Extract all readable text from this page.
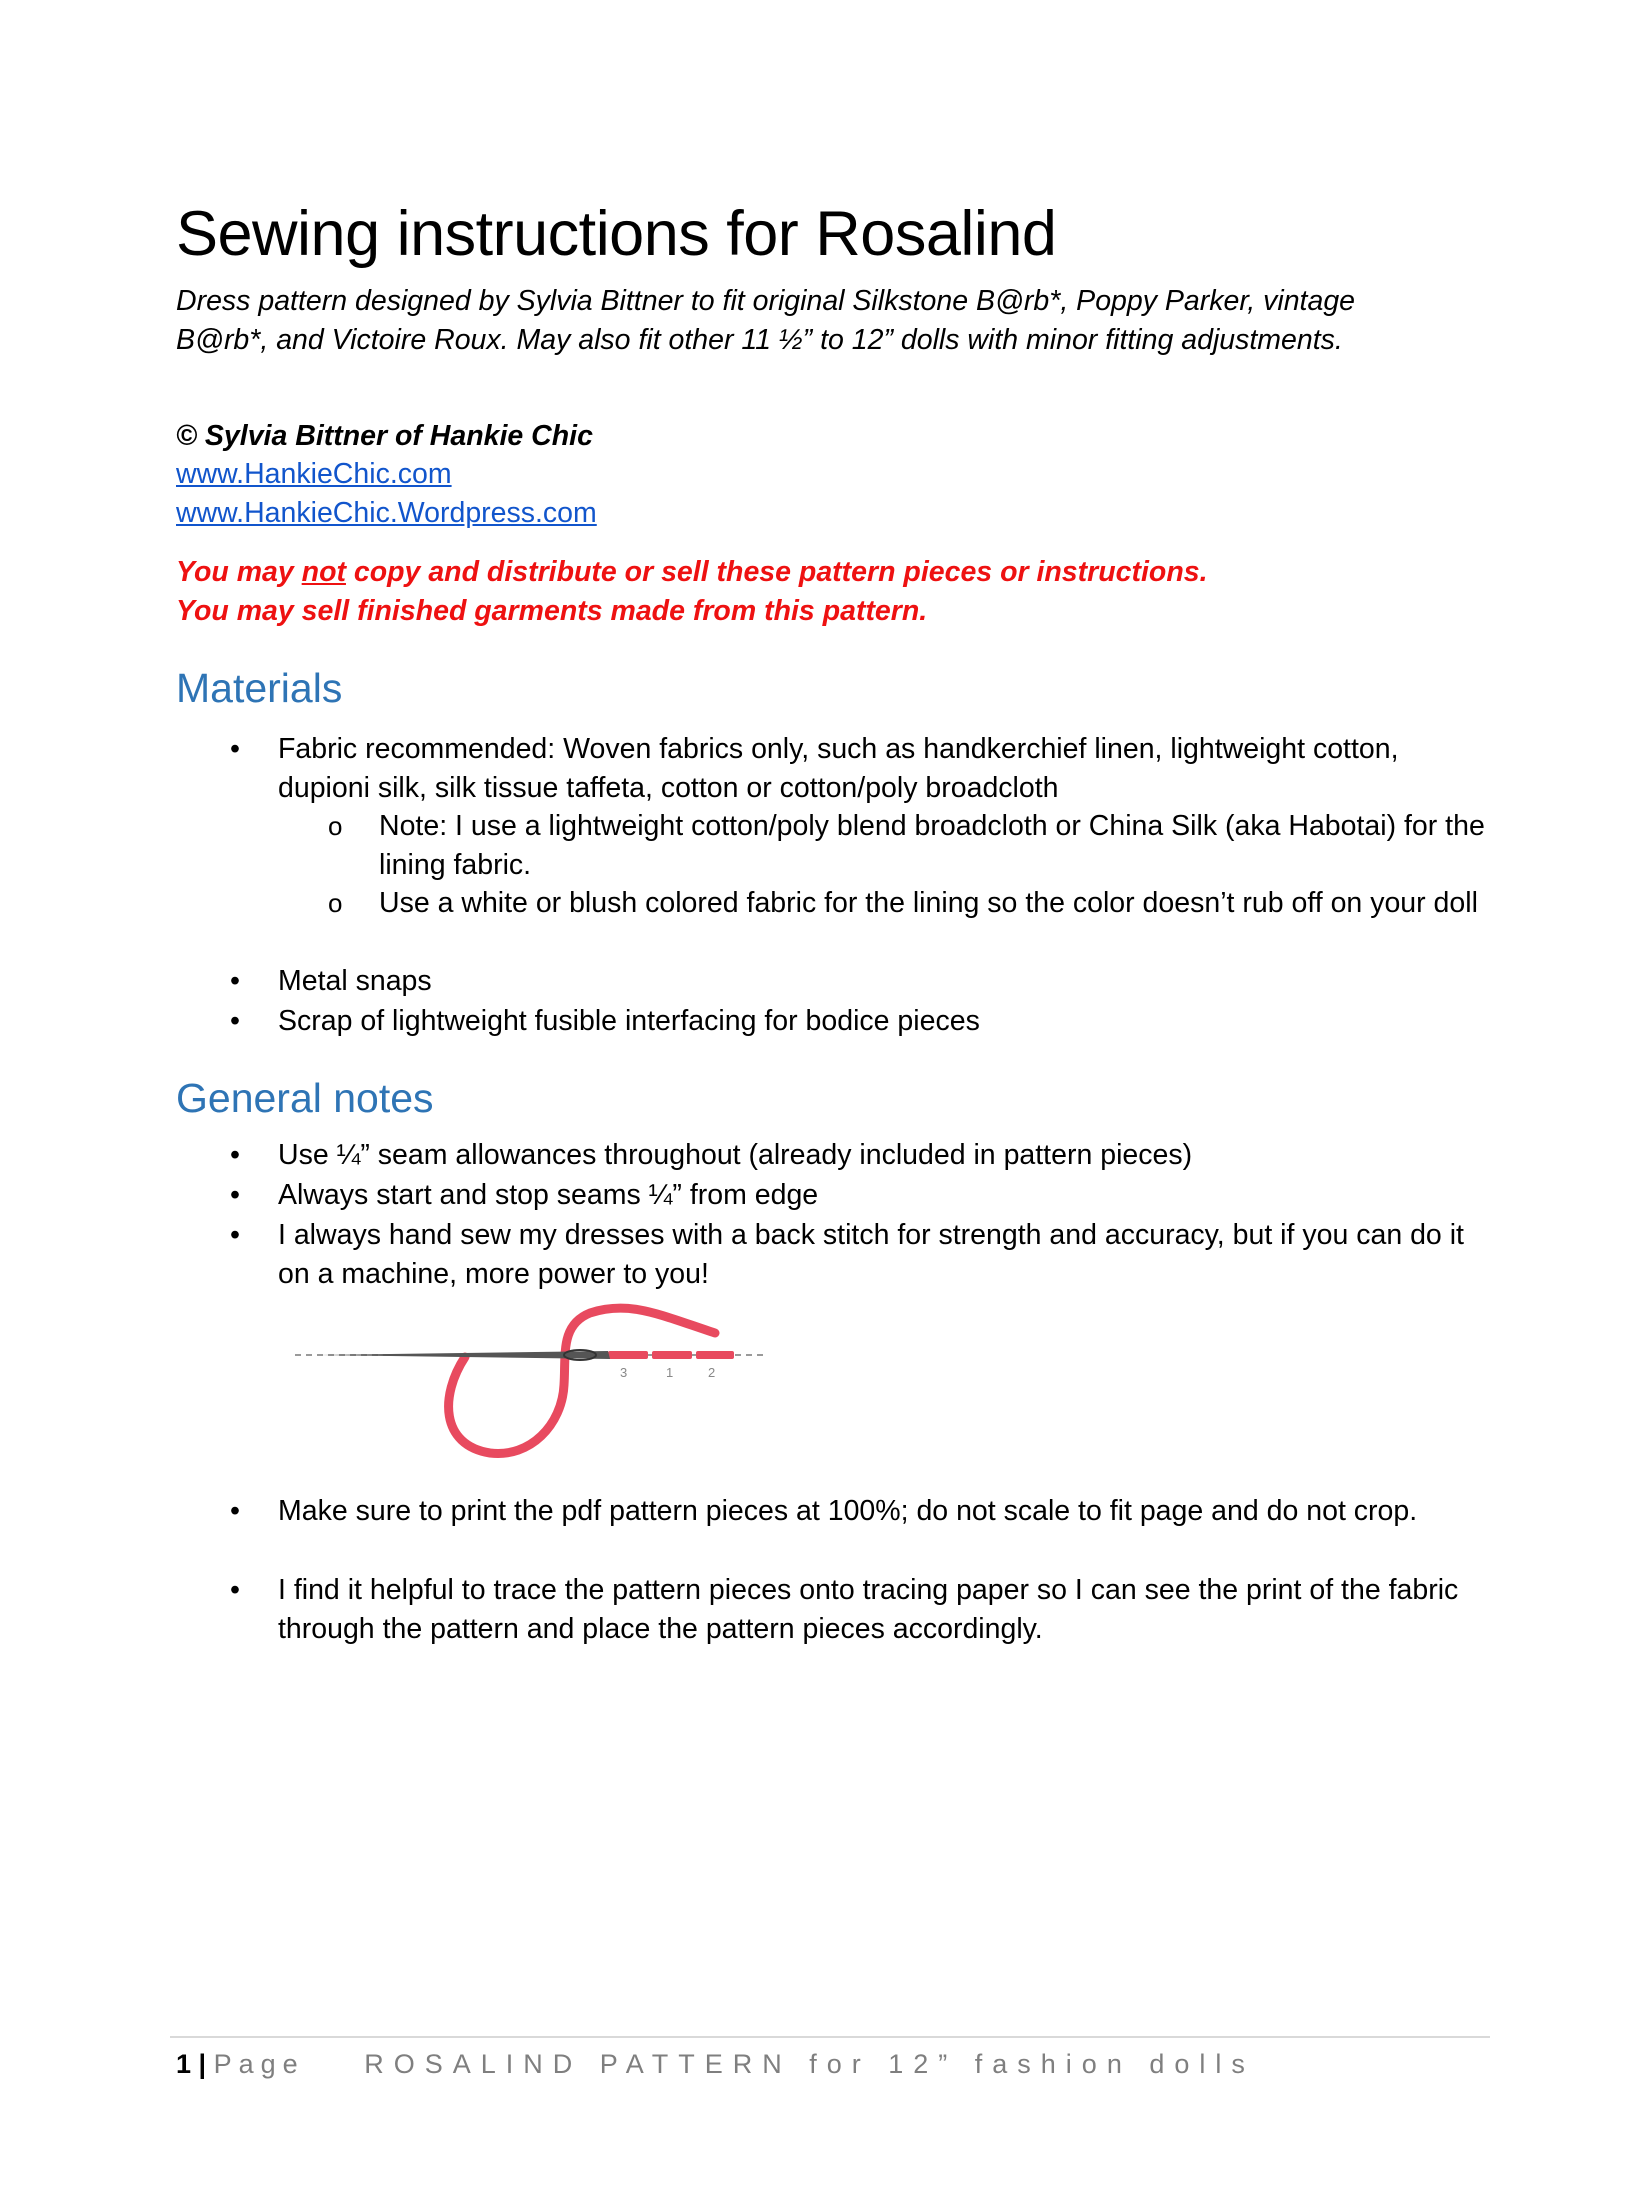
Sewing instructions for Rosalind

Dress pattern designed by Sylvia Bittner to fit original Silkstone B@rb*, Poppy Parker, vintage B@rb*, and Victoire Roux. May also fit other 11 ½” to 12” dolls with minor fitting adjustments.

© Sylvia Bittner of Hankie Chic

www.HankieChic.com
www.HankieChic.Wordpress.com

You may not copy and distribute or sell these pattern pieces or instructions.

You may sell finished garments made from this pattern.

Materials
• Fabric recommended: Woven fabrics only, such as handkerchief linen, lightweight cotton, dupioni silk, silk tissue taffeta, cotton or cotton/poly broadcloth
o Note: I use a lightweight cotton/poly blend broadcloth or China Silk (aka Habotai) for the lining fabric.
o Use a white or blush colored fabric for the lining so the color doesn’t rub off on your doll
• Metal snaps
• Scrap of lightweight fusible interfacing for bodice pieces
General notes
• Use ¼” seam allowances throughout (already included in pattern pieces)
• Always start and stop seams ¼” from edge
• I always hand sew my dresses with a back stitch for strength and accuracy, but if you can do it on a machine, more power to you!
3	1	2
• Make sure to print the pdf pattern pieces at 100%; do not scale to fit page and do not crop.
• I find it helpful to trace the pattern pieces onto tracing paper so I can see the print of the fabric through the pattern and place the pattern pieces accordingly.
1 | Page ROSALIND PATTERN for 12” fashion dolls
